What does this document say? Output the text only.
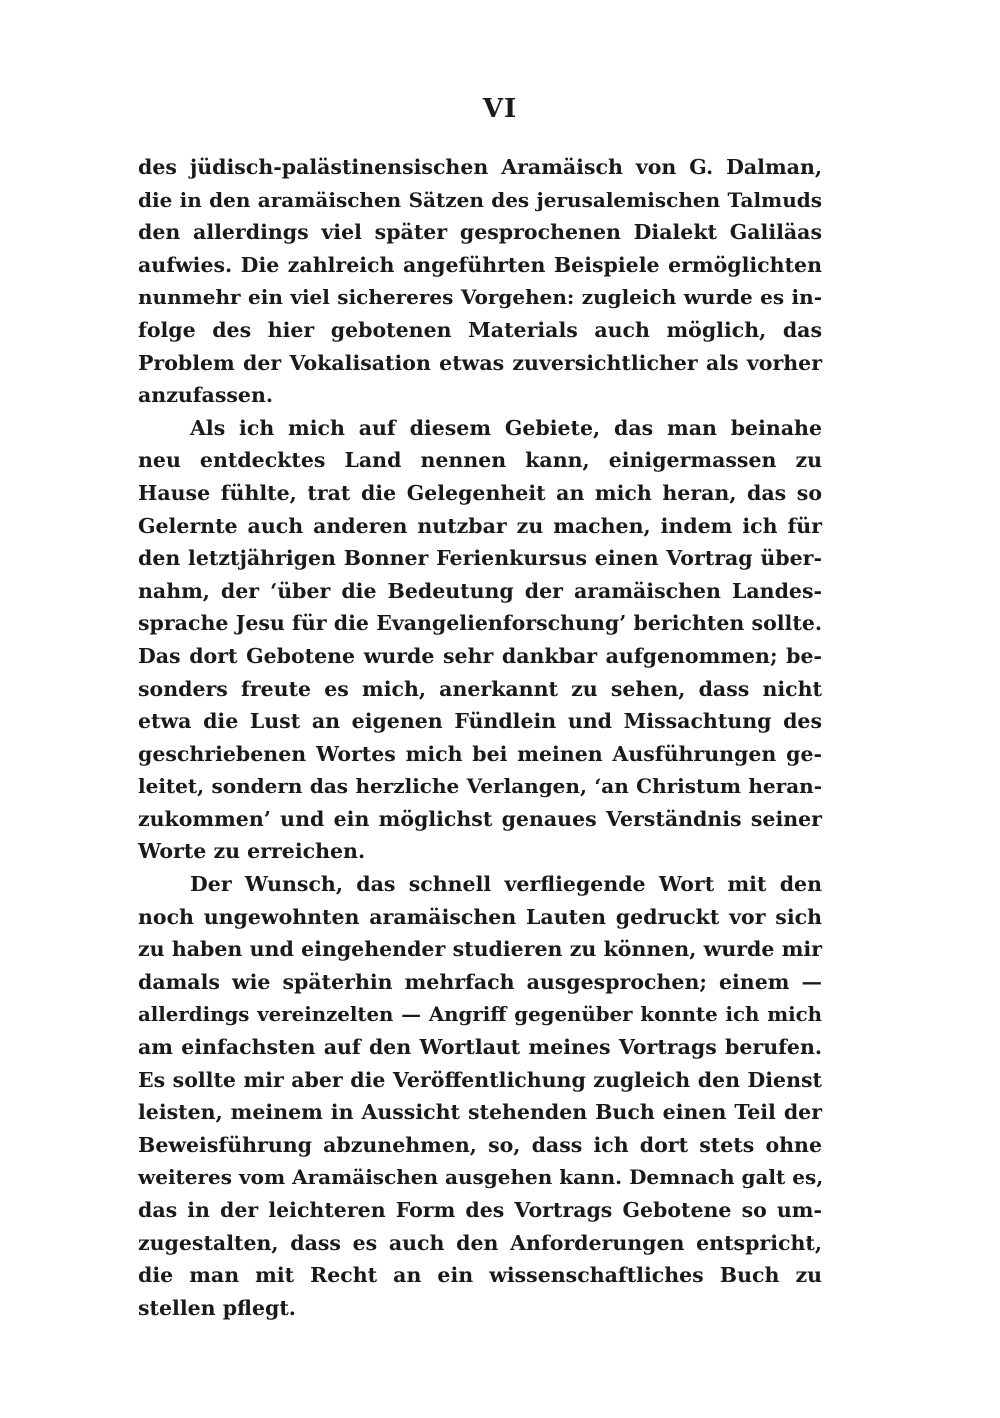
VI
des jüdisch-palästinensischen Aramäisch von G. Dalman,
die in den aramäischen Sätzen des jerusalemischen Talmuds
den allerdings viel später gesprochenen Dialekt Galiläas
aufwies. Die zahlreich angeführten Beispiele ermöglichten
nunmehr ein viel sichereres Vorgehen: zugleich wurde es in-
folge des hier gebotenen Materials auch möglich, das
Problem der Vokalisation etwas zuversichtlicher als vorher
anzufassen.
Als ich mich auf diesem Gebiete, das man beinahe
neu entdecktes Land nennen kann, einigermassen zu
Hause fühlte, trat die Gelegenheit an mich heran, das so
Gelernte auch anderen nutzbar zu machen, indem ich für
den letztjährigen Bonner Ferienkursus einen Vortrag über-
nahm, der ‘über die Bedeutung der aramäischen Landes-
sprache Jesu für die Evangelienforschung’ berichten sollte.
Das dort Gebotene wurde sehr dankbar aufgenommen; be-
sonders freute es mich, anerkannt zu sehen, dass nicht
etwa die Lust an eigenen Fündlein und Missachtung des
geschriebenen Wortes mich bei meinen Ausführungen ge-
leitet, sondern das herzliche Verlangen, ‘an Christum heran-
zukommen’ und ein möglichst genaues Verständnis seiner
Worte zu erreichen.
Der Wunsch, das schnell verfliegende Wort mit den
noch ungewohnten aramäischen Lauten gedruckt vor sich
zu haben und eingehender studieren zu können, wurde mir
damals wie späterhin mehrfach ausgesprochen; einem —
allerdings vereinzelten — Angriff gegenüber konnte ich mich
am einfachsten auf den Wortlaut meines Vortrags berufen.
Es sollte mir aber die Veröffentlichung zugleich den Dienst
leisten, meinem in Aussicht stehenden Buch einen Teil der
Beweisführung abzunehmen, so, dass ich dort stets ohne
weiteres vom Aramäischen ausgehen kann. Demnach galt es,
das in der leichteren Form des Vortrags Gebotene so um-
zugestalten, dass es auch den Anforderungen entspricht,
die man mit Recht an ein wissenschaftliches Buch zu
stellen pflegt.
